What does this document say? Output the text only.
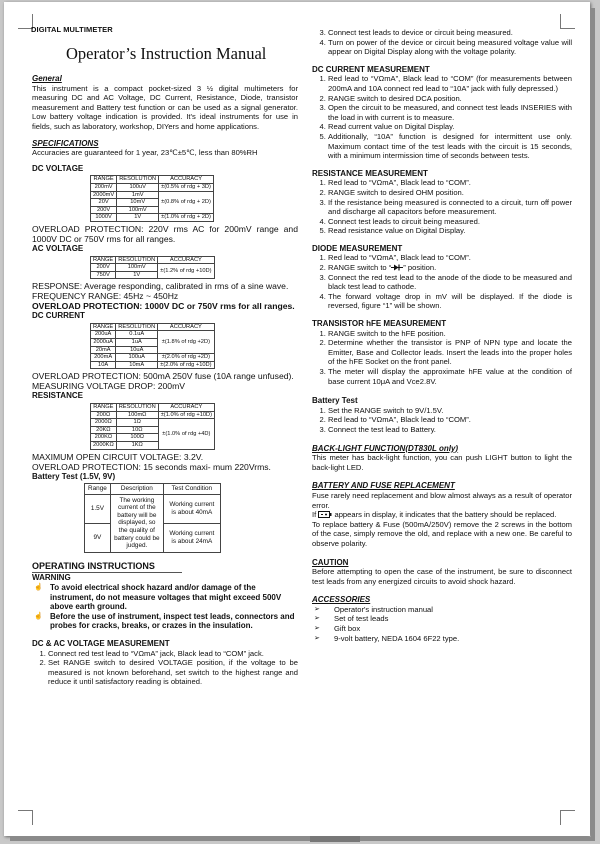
DIGITAL MULTIMETER
Operator’s Instruction Manual
General
This instrument is a compact pocket-sized 3 ½ digital multimeters for measuring DC and AC Voltage, DC Current, Resistance, Diode, transistor measurement and Battery test function or can be used as a signal generator. Low battery voltage indication is provided. It's ideal instruments for use in fields, such as laboratory, workshop, DIYers and home applications.
SPECIFICATIONS
Accuracies are guaranteed for 1 year, 23℃±5℃, less than 80%RH
DC VOLTAGE
RANGE	RESOLUTION	ACCURACY
200mV	100uV	±(0.5% of rdg + 3D)
2000mV	1mV	±(0.8% of rdg + 2D)
20V	10mV	
200V	100mV	
1000V	1V	±(1.0% of rdg + 2D)
OVERLOAD PROTECTION: 220V rms AC for 200mV range and 1000V DC or 750V rms for all ranges.
AC VOLTAGE
RANGE	RESOLUTION	ACCURACY
200V	100mV	±(1.2% of rdg +10D)
750V	1V	
RESPONSE: Average responding, calibrated in rms of a sine wave.
FREQUENCY RANGE: 45Hz ~ 450Hz
OVERLOAD PROTECTION: 1000V DC or 750V rms for all ranges.
DC CURRENT
RANGE	RESOLUTION	ACCURACY
200uA	0.1uA	±(1.8% of rdg +2D)
2000uA	1uA	
20mA	10uA	
200mA	100uA	±(2.0% of rdg +2D)
10A	10mA	±(2.0% of rdg +10D)
OVERLOAD PROTECTION: 500mA 250V fuse (10A range unfused).
MEASURING VOLTAGE DROP: 200mV
RESISTANCE
RANGE	RESOLUTION	ACCURACY
200Ω	100mΩ	±(1.0% of rdg +10D)
2000Ω	1Ω	±(1.0% of rdg +4D)
20KΩ	10Ω	
200KΩ	100Ω	
2000KΩ	1KΩ	
MAXIMUM OPEN CIRCUIT VOLTAGE: 3.2V.
OVERLOAD PROTECTION: 15 seconds maxi- mum 220Vrms.
Battery Test (1.5V, 9V)
Range	Description	Test Condition
1.5V	The working current of the battery will be displayed, so the quality of battery could be judged.	Working current is about 40mA
9V		Working current is about 24mA
OPERATING INSTRUCTIONS
WARNING
☝ To avoid electrical shock hazard and/or damage of the instrument, do not measure voltages that might exceed 500V above earth ground.
☝ Before the use of instrument, inspect test leads, connectors and probes for cracks, breaks, or crazes in the insulation.
DC & AC VOLTAGE MEASUREMENT
1. Connect red test lead to “VΩmA” jack, Black lead to “COM” jack.
2. Set RANGE switch to desired VOLTAGE position, if the voltage to be measured is not known beforehand, set switch to the highest range and reduce it until satisfactory reading is obtained.
3. Connect test leads to device or circuit being measured.
4. Turn on power of the device or circuit being measured voltage value will appear on Digital Display along with the voltage polarity.
DC CURRENT MEASUREMENT
1. Red lead to “VΩmA”, Black lead to “COM” (for measurements between 200mA and 10A connect red lead to “10A” jack with fully depressed.)
2. RANGE switch to desired DCA position.
3. Open the circuit to be measured, and connect test leads INSERIES with the load in with current is to measure.
4. Read current value on Digital Display.
5. Additionally, “10A” function is designed for intermittent use only. Maximum contact time of the test leads with the circuit is 15 seconds, with a minimum intermission time of seconds between tests.
RESISTANCE MEASUREMENT
1. Red lead to “VΩmA”, Black lead to “COM”.
2. RANGE switch to desired OHM position.
3. If the resistance being measured is connected to a circuit, turn off power and discharge all capacitors before measurement.
4. Connect test leads to circuit being measured.
5. Read resistance value on Digital Display.
DIODE MEASUREMENT
1. Red lead to “VΩmA”, Black lead to “COM”.
2. RANGE switch to “ ” position.
3. Connect the red test lead to the anode of the diode to be measured and black test lead to cathode.
4. The forward voltage drop in mV will be displayed. If the diode is reversed, figure “1” will be shown.
TRANSISTOR hFE MEASUREMENT
1. RANGE switch to the hFE position.
2. Determine whether the transistor is PNP of NPN type and locate the Emitter, Base and Collector leads. Insert the leads into the proper holes of the hFE Socket on the front panel.
3. The meter will display the approximate hFE value at the condition of base current 10μA and Vce2.8V.
Battery Test
1. Set the RANGE switch to 9V/1.5V.
2. Red lead to “VΩmA”, Black lead to “COM”.
3. Connect the test lead to Battery.
BACK-LIGHT FUNCTION(DT830L only)
This meter has back-light function, you can push LIGHT button to light the back-light LED.
BATTERY AND FUSE REPLACEMENT
Fuse rarely need replacement and blow almost always as a result of operator error.
If appears in display, it indicates that the battery should be replaced.
To replace battery & Fuse (500mA/250V) remove the 2 screws in the bottom of the case, simply remove the old, and replace with a new one. Be careful to observe polarity.
CAUTION
Before attempting to open the case of the instrument, be sure to disconnect test leads from any energized circuits to avoid shock hazard.
ACCESSORIES
➢ Operator's instruction manual
➢ Set of test leads
➢ Gift box
➢ 9-volt battery, NEDA 1604 6F22 type.
